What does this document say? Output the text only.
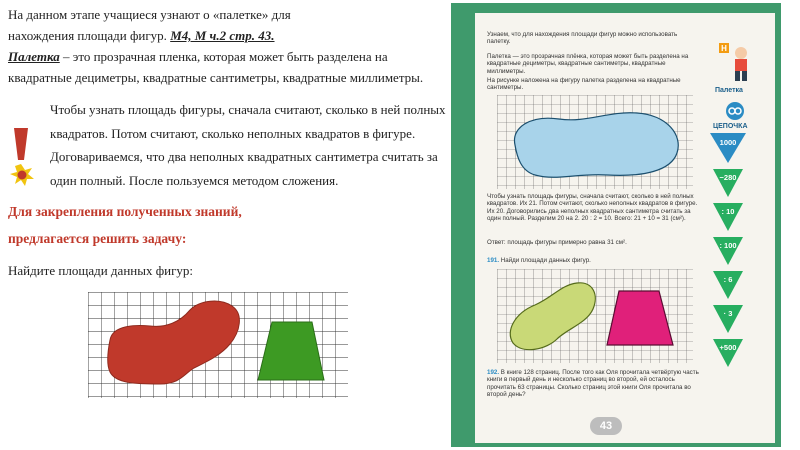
На данном этапе учащиеся узнают о «палетке» для
нахождения площади фигур. М4, М ч.2 стр. 43.
Палетка – это прозрачная пленка, которая может быть разделена на
квадратные дециметры, квадратные сантиметры, квадратные миллиметры.
Чтобы узнать площадь фигуры, сначала считают, сколько в ней полных квадратов. Потом считают, сколько неполных квадратов в фигуре. Договариваемся, что два неполных квадратных сантиметра считать за один полный. После пользуемся методом сложения.
Для закрепления полученных знаний,
предлагается решить задачу:
Найдите площади данных фигур:
Узнаем, что для нахождения площади фигур можно использовать палетку.
Палетка — это прозрачная плёнка, которая может быть разделена на квадратные дециметры, квадратные сантиметры, квадратные миллиметры.
На рисунке наложена на фигуру палетка разделена на квадратные сантиметры.
Чтобы узнать площадь фигуры, сначала считают, сколько в ней полных квадратов. Их 21. Потом считают, сколько неполных квадратов в фигуре. Их 20. Договорились два неполных квадратных сантиметра считать за один полный. Разделим 20 на 2. 20 : 2 = 10. Всего: 21 + 10 = 31 (см²).
Ответ: площадь фигуры примерно равна 31 см².
191. Найди площади данных фигур.
192. В книге 128 страниц. После того как Оля прочитала четвёртую часть книги в первый день и несколько страниц во второй, ей осталось прочитать 63 страницы. Сколько страниц этой книги Оля прочитала во второй день?
43
Н
Палетка
ЦЕПОЧКА
1000
−280
: 10
: 100
: 6
· 3
+500
